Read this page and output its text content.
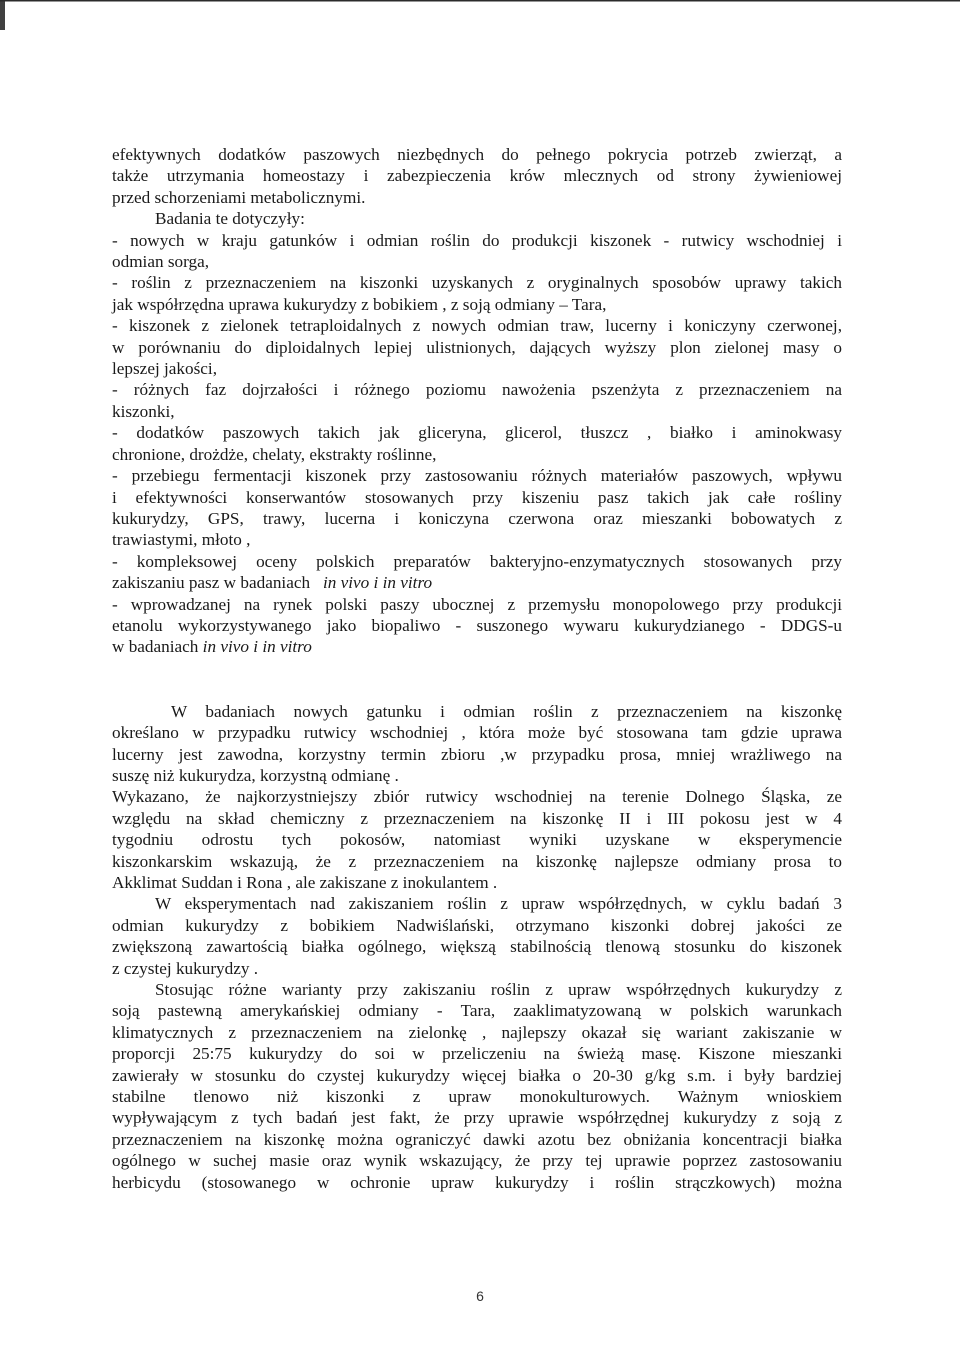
efektywnych dodatków paszowych niezbędnych do pełnego pokrycia potrzeb zwierząt, a

także utrzymania homeostazy i zabezpieczenia krów mlecznych od strony żywieniowej

przed schorzeniami metabolicznymi.

Badania te dotyczyły:

- nowych w kraju gatunków i odmian roślin do produkcji kiszonek - rutwicy wschodniej i

odmian sorga,

- roślin z przeznaczeniem na kiszonki uzyskanych z oryginalnych sposobów uprawy takich

jak współrzędna uprawa kukurydzy z bobikiem , z soją odmiany – Tara,

- kiszonek z zielonek tetraploidalnych z nowych odmian traw, lucerny i koniczyny czerwonej,

w porównaniu do diploidalnych lepiej ulistnionych, dających wyższy plon zielonej masy o

lepszej jakości,

- różnych faz dojrzałości i różnego poziomu nawożenia pszenżyta z przeznaczeniem na

kiszonki,

- dodatków paszowych takich jak gliceryna, glicerol, tłuszcz , białko i aminokwasy

chronione, drożdże, chelaty, ekstrakty roślinne,

- przebiegu fermentacji kiszonek przy zastosowaniu różnych materiałów paszowych, wpływu

i efektywności konserwantów stosowanych przy kiszeniu pasz takich jak całe rośliny

kukurydzy, GPS, trawy, lucerna i koniczyna czerwona oraz mieszanki bobowatych z

trawiastymi, młoto ,

- kompleksowej oceny polskich preparatów bakteryjno-enzymatycznych stosowanych przy

zakiszaniu pasz w badaniach in vivo i in vitro

- wprowadzanej na rynek polski paszy ubocznej z przemysłu monopolowego przy produkcji

etanolu wykorzystywanego jako biopaliwo - suszonego wywaru kukurydzianego - DDGS-u

w badaniach in vivo i in vitro

W badaniach nowych gatunku i odmian roślin z przeznaczeniem na kiszonkę

określano w przypadku rutwicy wschodniej , która może być stosowana tam gdzie uprawa

lucerny jest zawodna, korzystny termin zbioru ,w przypadku prosa, mniej wrażliwego na

suszę niż kukurydza, korzystną odmianę .

Wykazano, że najkorzystniejszy zbiór rutwicy wschodniej na terenie Dolnego Śląska, ze

względu na skład chemiczny z przeznaczeniem na kiszonkę II i III pokosu jest w 4

tygodniu odrostu tych pokosów, natomiast wyniki uzyskane w eksperymencie

kiszonkarskim wskazują, że z przeznaczeniem na kiszonkę najlepsze odmiany prosa to

Akklimat Suddan i Rona , ale zakiszane z inokulantem .

W eksperymentach nad zakiszaniem roślin z upraw współrzędnych, w cyklu badań 3

odmian kukurydzy z bobikiem Nadwiślański, otrzymano kiszonki dobrej jakości ze

zwiększoną zawartością białka ogólnego, większą stabilnością tlenową stosunku do kiszonek

z czystej kukurydzy .

Stosując różne warianty przy zakiszaniu roślin z upraw współrzędnych kukurydzy z

soją pastewną amerykańskiej odmiany - Tara, zaaklimatyzowaną w polskich warunkach

klimatycznych z przeznaczeniem na zielonkę , najlepszy okazał się wariant zakiszanie w

proporcji 25:75 kukurydzy do soi w przeliczeniu na świeżą masę. Kiszone mieszanki

zawierały w stosunku do czystej kukurydzy więcej białka o 20-30 g/kg s.m. i były bardziej

stabilne tlenowo niż kiszonki z upraw monokulturowych. Ważnym wnioskiem

wypływającym z tych badań jest fakt, że przy uprawie współrzędnej kukurydzy z soją z

przeznaczeniem na kiszonkę można ograniczyć dawki azotu bez obniżania koncentracji białka

ogólnego w suchej masie oraz wynik wskazujący, że przy tej uprawie poprzez zastosowaniu

herbicydu (stosowanego w ochronie upraw kukurydzy i roślin strączkowych) można

6
